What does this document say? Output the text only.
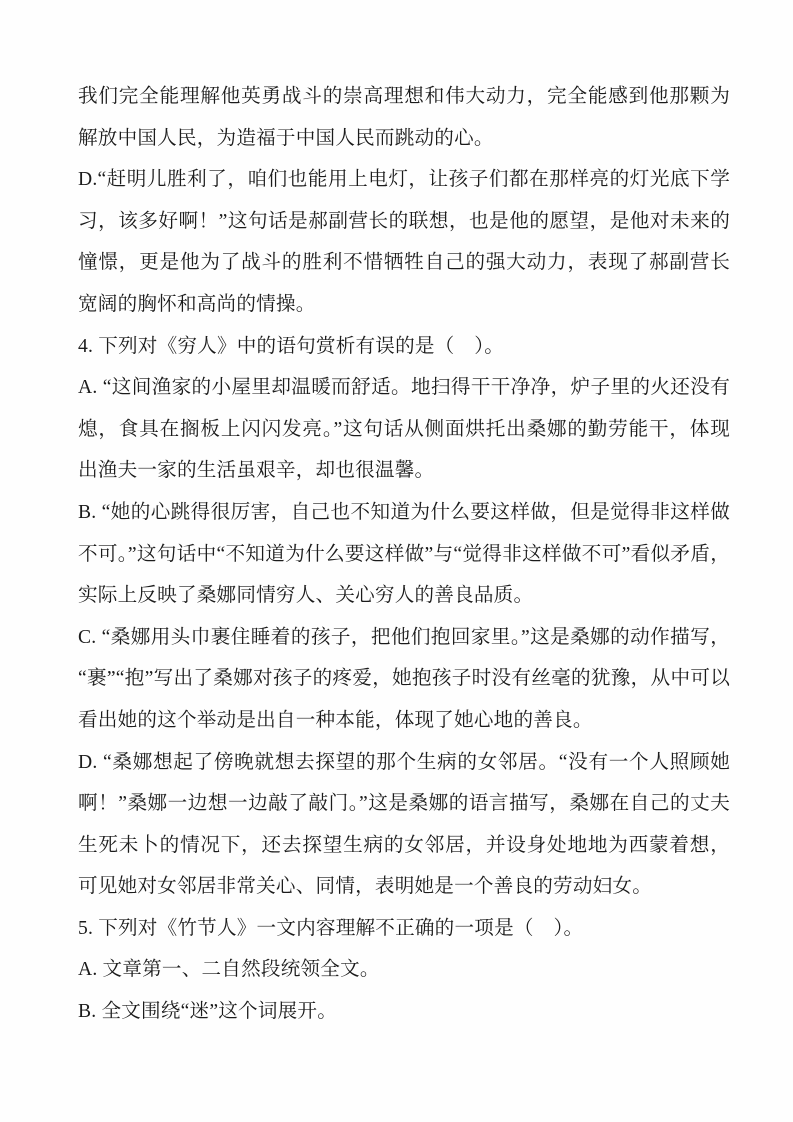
我们完全能理解他英勇战斗的崇高理想和伟大动力，完全能感到他那颗为解放中国人民，为造福于中国人民而跳动的心。

D.“赶明儿胜利了，咱们也能用上电灯，让孩子们都在那样亮的灯光底下学习，该多好啊！”这句话是郝副营长的联想，也是他的愿望，是他对未来的憧憬，更是他为了战斗的胜利不惜牺牲自己的强大动力，表现了郝副营长宽阔的胸怀和高尚的情操。

4. 下列对《穷人》中的语句赏析有误的是（　）。

A. “这间渔家的小屋里却温暖而舒适。地扫得干干净净，炉子里的火还没有熄，食具在搁板上闪闪发亮。”这句话从侧面烘托出桑娜的勤劳能干，体现出渔夫一家的生活虽艰辛，却也很温馨。

B. “她的心跳得很厉害，自己也不知道为什么要这样做，但是觉得非这样做不可。”这句话中“不知道为什么要这样做”与“觉得非这样做不可”看似矛盾，实际上反映了桑娜同情穷人、关心穷人的善良品质。

C. “桑娜用头巾裹住睡着的孩子，把他们抱回家里。”这是桑娜的动作描写，“裹”“抱”写出了桑娜对孩子的疼爱，她抱孩子时没有丝毫的犹豫，从中可以看出她的这个举动是出自一种本能，体现了她心地的善良。

D. “桑娜想起了傍晚就想去探望的那个生病的女邻居。“没有一个人照顾她啊！”桑娜一边想一边敲了敲门。”这是桑娜的语言描写，桑娜在自己的丈夫生死未卜的情况下，还去探望生病的女邻居，并设身处地地为西蒙着想，可见她对女邻居非常关心、同情，表明她是一个善良的劳动妇女。

5. 下列对《竹节人》一文内容理解不正确的一项是（　）。

A. 文章第一、二自然段统领全文。

B. 全文围绕“迷”这个词展开。
